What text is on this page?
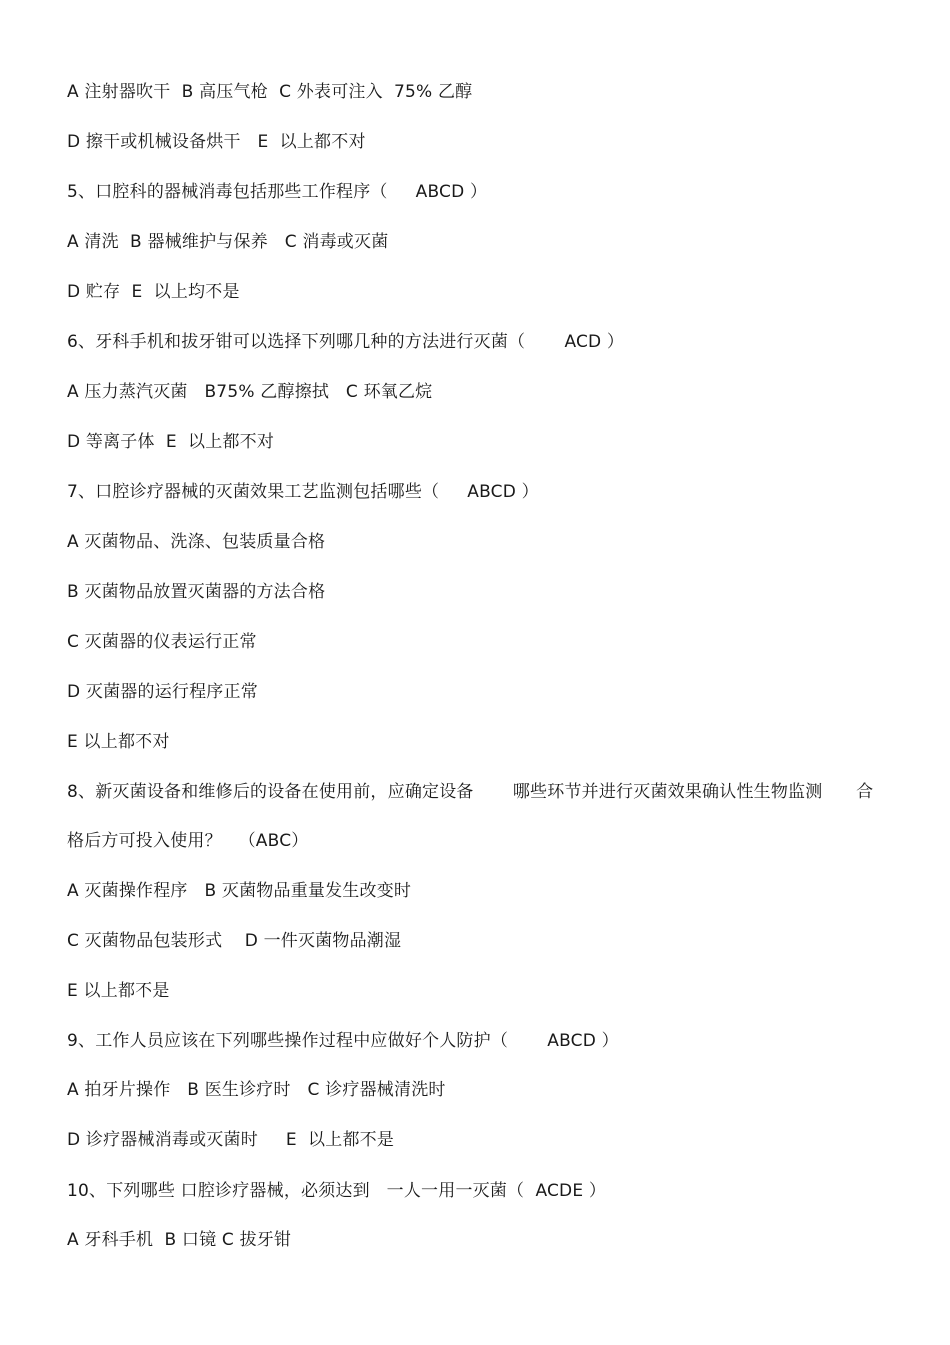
A 注射器吹干  B 高压气枪  C 外表可注入  75% 乙醇
D 擦干或机械设备烘干   E  以上都不对
5、口腔科的器械消毒包括那些工作程序（     ABCD ）
A 清洗  B 器械维护与保养   C 消毒或灭菌
D 贮存  E  以上均不是
6、牙科手机和拔牙钳可以选择下列哪几种的方法进行灭菌（       ACD ）
A 压力蒸汽灭菌   B75% 乙醇擦拭   C 环氧乙烷
D 等离子体  E  以上都不对
7、口腔诊疗器械的灭菌效果工艺监测包括哪些（     ABCD ）
A 灭菌物品、洗涤、包装质量合格
B 灭菌物品放置灭菌器的方法合格
C 灭菌器的仪表运行正常
D 灭菌器的运行程序正常
E 以上都不对
8、新灭菌设备和维修后的设备在使用前，应确定设备       哪些环节并进行灭菌效果确认性生物监测      合
格后方可投入使用？   （ABC）
A 灭菌操作程序   B 灭菌物品重量发生改变时
C 灭菌物品包装形式    D 一件灭菌物品潮湿
E 以上都不是
9、工作人员应该在下列哪些操作过程中应做好个人防护（       ABCD ）
A 拍牙片操作   B 医生诊疗时   C 诊疗器械清洗时
D 诊疗器械消毒或灭菌时     E  以上都不是
10、下列哪些 口腔诊疗器械，必须达到   一人一用一灭菌（  ACDE ）
A 牙科手机  B 口镜 C 拔牙钳
